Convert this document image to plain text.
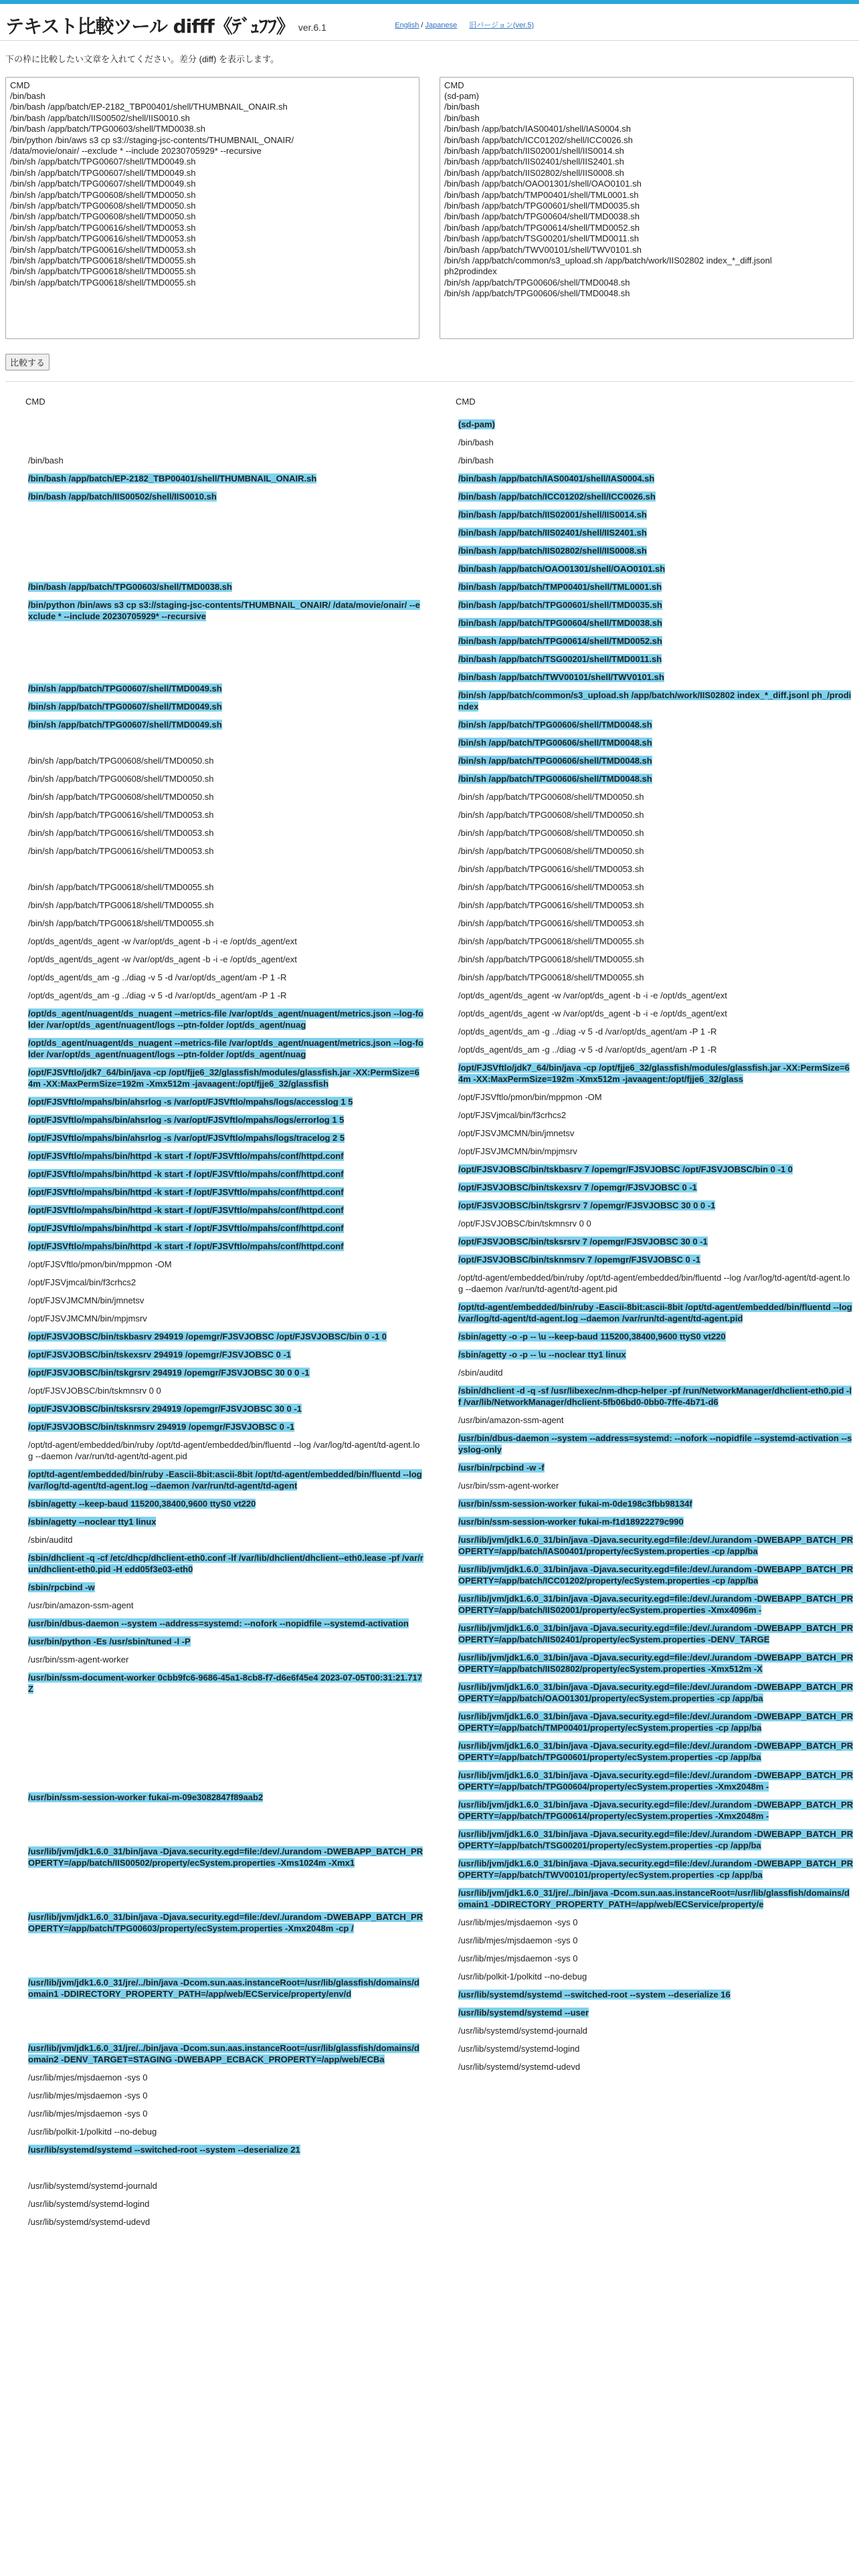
テキスト比較ツール difff《ﾃﾞｭﾌﾌ》 ver.6.1	English / Japanese 旧バージョン(ver.5)
下の枠に比較したい文章を入れてください。差分 (diff) を表示します。
CMD /bin/bash /bin/bash /app/batch/EP-2182_TBP00401/shell/THUMBNAIL_ONAIR.sh /bin/bash /app/batch/IIS00502/shell/IIS0010.sh /bin/bash /app/batch/TPG00603/shell/TMD0038.sh /bin/python /bin/aws s3 cp s3://staging-jsc-contents/THUMBNAIL_ONAIR/ /data/movie/onair/ --exclude * --include 20230705929* --recursive /bin/sh /app/batch/TPG00607/shell/TMD0049.sh /bin/sh /app/batch/TPG00607/shell/TMD0049.sh /bin/sh /app/batch/TPG00607/shell/TMD0049.sh /bin/sh /app/batch/TPG00608/shell/TMD0050.sh /bin/sh /app/batch/TPG00608/shell/TMD0050.sh /bin/sh /app/batch/TPG00608/shell/TMD0050.sh /bin/sh /app/batch/TPG00616/shell/TMD0053.sh /bin/sh /app/batch/TPG00616/shell/TMD0053.sh /bin/sh /app/batch/TPG00616/shell/TMD0053.sh /bin/sh /app/batch/TPG00618/shell/TMD0055.sh /bin/sh /app/batch/TPG00618/shell/TMD0055.sh /bin/sh /app/batch/TPG00618/shell/TMD0055.sh
CMD (sd-pam) /bin/bash /bin/bash /bin/bash /app/batch/IAS00401/shell/IAS0004.sh /bin/bash /app/batch/ICC01202/shell/ICC0026.sh /bin/bash /app/batch/IIS02001/shell/IIS0014.sh /bin/bash /app/batch/IIS02401/shell/IIS2401.sh /bin/bash /app/batch/IIS02802/shell/IIS0008.sh /bin/bash /app/batch/OAO01301/shell/OAO0101.sh /bin/bash /app/batch/TMP00401/shell/TML0001.sh /bin/bash /app/batch/TPG00601/shell/TMD0035.sh /bin/bash /app/batch/TPG00604/shell/TMD0038.sh /bin/bash /app/batch/TPG00614/shell/TMD0052.sh /bin/bash /app/batch/TSG00201/shell/TMD0011.sh /bin/bash /app/batch/TWV00101/shell/TWV0101.sh /bin/sh /app/batch/common/s3_upload.sh /app/batch/work/IIS02802 index_*_diff.jsonl ph2prodindex /bin/sh /app/batch/TPG00606/shell/TMD0048.sh /bin/sh /app/batch/TPG00606/shell/TMD0048.sh
比較する
CMD
/bin/bash
/bin/bash /app/batch/EP-2182_TBP00401/shell/THUMBNAIL_ONAIR.sh
/bin/bash /app/batch/IIS00502/shell/IIS0010.sh
/bin/bash /app/batch/TPG00603/shell/TMD0038.sh
/bin/python /bin/aws s3 cp s3://staging-jsc-contents/THUMBNAIL_ONAIR/ /data/movie/onair/ --exclude * --include 20230705929* --recursive
/bin/sh /app/batch/TPG00607/shell/TMD0049.sh
/bin/sh /app/batch/TPG00607/shell/TMD0049.sh
/bin/sh /app/batch/TPG00607/shell/TMD0049.sh
/bin/sh /app/batch/TPG00608/shell/TMD0050.sh
/bin/sh /app/batch/TPG00608/shell/TMD0050.sh
/bin/sh /app/batch/TPG00608/shell/TMD0050.sh
/bin/sh /app/batch/TPG00616/shell/TMD0053.sh
/bin/sh /app/batch/TPG00616/shell/TMD0053.sh
/bin/sh /app/batch/TPG00616/shell/TMD0053.sh
/bin/sh /app/batch/TPG00618/shell/TMD0055.sh
/bin/sh /app/batch/TPG00618/shell/TMD0055.sh
/bin/sh /app/batch/TPG00618/shell/TMD0055.sh
/opt/ds_agent/ds_agent -w /var/opt/ds_agent -b -i -e /opt/ds_agent/ext
/opt/ds_agent/ds_agent -w /var/opt/ds_agent -b -i -e /opt/ds_agent/ext
/opt/ds_agent/ds_am -g ../diag -v 5 -d /var/opt/ds_agent/am -P 1 -R
/opt/ds_agent/ds_am -g ../diag -v 5 -d /var/opt/ds_agent/am -P 1 -R
/opt/ds_agent/nuagent/ds_nuagent --metrics-file /var/opt/ds_agent/nuagent/metrics.json --log-folder /var/opt/ds_agent/nuagent/logs --ptn-folder /opt/ds_agent/nuag
/opt/ds_agent/nuagent/ds_nuagent --metrics-file /var/opt/ds_agent/nuagent/metrics.json --log-folder /var/opt/ds_agent/nuagent/logs --ptn-folder /opt/ds_agent/nuag
/opt/FJSVftlo/jdk7_64/bin/java -cp /opt/fjje6_32/glassfish/modules/glassfish.jar -XX:PermSize=64m -XX:MaxPermSize=192m -Xmx512m -javaagent:/opt/fjje6_32/glassfish
/opt/FJSVftlo/mpahs/bin/ahsrlog -s /var/opt/FJSVftlo/mpahs/logs/accesslog 1 5
/opt/FJSVftlo/mpahs/bin/ahsrlog -s /var/opt/FJSVftlo/mpahs/logs/errorlog 1 5
/opt/FJSVftlo/mpahs/bin/ahsrlog -s /var/opt/FJSVftlo/mpahs/logs/tracelog 2 5
/opt/FJSVftlo/mpahs/bin/httpd -k start -f /opt/FJSVftlo/mpahs/conf/httpd.conf
/opt/FJSVftlo/mpahs/bin/httpd -k start -f /opt/FJSVftlo/mpahs/conf/httpd.conf
/opt/FJSVftlo/mpahs/bin/httpd -k start -f /opt/FJSVftlo/mpahs/conf/httpd.conf
/opt/FJSVftlo/mpahs/bin/httpd -k start -f /opt/FJSVftlo/mpahs/conf/httpd.conf
/opt/FJSVftlo/mpahs/bin/httpd -k start -f /opt/FJSVftlo/mpahs/conf/httpd.conf
/opt/FJSVftlo/mpahs/bin/httpd -k start -f /opt/FJSVftlo/mpahs/conf/httpd.conf
/opt/FJSVftlo/pmon/bin/mppmon -OM
/opt/FJSVjmcal/bin/f3crhcs2
/opt/FJSVJMCMN/bin/jmnetsv
/opt/FJSVJMCMN/bin/mpjmsrv
/opt/FJSVJOBSC/bin/tskbasrv 294919 /opemgr/FJSVJOBSC /opt/FJSVJOBSC/bin 0 -1 0
/opt/FJSVJOBSC/bin/tskexsrv 294919 /opemgr/FJSVJOBSC 0 -1
/opt/FJSVJOBSC/bin/tskgrsrv 294919 /opemgr/FJSVJOBSC 30 0 0 -1
/opt/FJSVJOBSC/bin/tskmnsrv 0 0
/opt/FJSVJOBSC/bin/tsksrsrv 294919 /opemgr/FJSVJOBSC 30 0 -1
/opt/FJSVJOBSC/bin/tsknmsrv 294919 /opemgr/FJSVJOBSC 0 -1
/opt/td-agent/embedded/bin/ruby /opt/td-agent/embedded/bin/fluentd --log /var/log/td-agent/td-agent.log --daemon /var/run/td-agent/td-agent.pid
/opt/td-agent/embedded/bin/ruby -Eascii-8bit:ascii-8bit /opt/td-agent/embedded/bin/fluentd --log /var/log/td-agent/td-agent.log --daemon /var/run/td-agent/td-agent
/sbin/agetty --keep-baud 115200,38400,9600 ttyS0 vt220
/sbin/agetty --noclear tty1 linux
/sbin/auditd
/sbin/dhclient -q -cf /etc/dhcp/dhclient-eth0.conf -lf /var/lib/dhclient/dhclient--eth0.lease -pf /var/run/dhclient-eth0.pid -H edd05f3e03-eth0
/sbin/rpcbind -w
/usr/bin/amazon-ssm-agent
/usr/bin/dbus-daemon --system --address=systemd: --nofork --nopidfile --systemd-activation
/usr/bin/python -Es /usr/sbin/tuned -l -P
/usr/bin/ssm-agent-worker
/usr/bin/ssm-document-worker 0cbb9fc6-9686-45a1-8cb8-f7-d6e6f45e4 2023-07-05T00:31:21.717Z
/usr/bin/ssm-session-worker fukai-m-09e3082847f89aab2
/usr/lib/jvm/jdk1.6.0_31/bin/java -Djava.security.egd=file:/dev/./urandom -DWEBAPP_BATCH_PROPERTY=/app/batch/IIS00502/property/ecSystem.properties -Xms1024m -Xmx1
/usr/lib/jvm/jdk1.6.0_31/bin/java -Djava.security.egd=file:/dev/./urandom -DWEBAPP_BATCH_PROPERTY=/app/batch/TPG00603/property/ecSystem.properties -Xmx2048m -cp /
/usr/lib/jvm/jdk1.6.0_31/jre/../bin/java -Dcom.sun.aas.instanceRoot=/usr/lib/glassfish/domains/domain1 -DDIRECTORY_PROPERTY_PATH=/app/web/ECService/property/env/d
/usr/lib/jvm/jdk1.6.0_31/jre/../bin/java -Dcom.sun.aas.instanceRoot=/usr/lib/glassfish/domains/domain2 -DENV_TARGET=STAGING -DWEBAPP_ECBACK_PROPERTY=/app/web/ECBa
/usr/lib/mjes/mjsdaemon -sys 0
/usr/lib/mjes/mjsdaemon -sys 0
/usr/lib/mjes/mjsdaemon -sys 0
/usr/lib/polkit-1/polkitd --no-debug
/usr/lib/systemd/systemd --switched-root --system --deserialize 21
/usr/lib/systemd/systemd-journald
/usr/lib/systemd/systemd-logind
/usr/lib/systemd/systemd-udevd
CMD
(sd-pam)
/bin/bash
/bin/bash
/bin/bash /app/batch/IAS00401/shell/IAS0004.sh
/bin/bash /app/batch/ICC01202/shell/ICC0026.sh
/bin/bash /app/batch/IIS02001/shell/IIS0014.sh
/bin/bash /app/batch/IIS02401/shell/IIS2401.sh
/bin/bash /app/batch/IIS02802/shell/IIS0008.sh
/bin/bash /app/batch/OAO01301/shell/OAO0101.sh
/bin/bash /app/batch/TMP00401/shell/TML0001.sh
/bin/bash /app/batch/TPG00601/shell/TMD0035.sh
/bin/bash /app/batch/TPG00604/shell/TMD0038.sh
/bin/bash /app/batch/TPG00614/shell/TMD0052.sh
/bin/bash /app/batch/TSG00201/shell/TMD0011.sh
/bin/bash /app/batch/TWV00101/shell/TWV0101.sh
/bin/sh /app/batch/common/s3_upload.sh /app/batch/work/IIS02802 index_*_diff.jsonl ph_/prodindex
/bin/sh /app/batch/TPG00606/shell/TMD0048.sh
/bin/sh /app/batch/TPG00606/shell/TMD0048.sh
/bin/sh /app/batch/TPG00606/shell/TMD0048.sh
/bin/sh /app/batch/TPG00606/shell/TMD0048.sh
/bin/sh /app/batch/TPG00608/shell/TMD0050.sh
/bin/sh /app/batch/TPG00608/shell/TMD0050.sh
/bin/sh /app/batch/TPG00608/shell/TMD0050.sh
/bin/sh /app/batch/TPG00608/shell/TMD0050.sh
/bin/sh /app/batch/TPG00616/shell/TMD0053.sh
/bin/sh /app/batch/TPG00616/shell/TMD0053.sh
/bin/sh /app/batch/TPG00616/shell/TMD0053.sh
/bin/sh /app/batch/TPG00616/shell/TMD0053.sh
/bin/sh /app/batch/TPG00618/shell/TMD0055.sh
/bin/sh /app/batch/TPG00618/shell/TMD0055.sh
/bin/sh /app/batch/TPG00618/shell/TMD0055.sh
/opt/ds_agent/ds_agent -w /var/opt/ds_agent -b -i -e /opt/ds_agent/ext
/opt/ds_agent/ds_agent -w /var/opt/ds_agent -b -i -e /opt/ds_agent/ext
/opt/ds_agent/ds_am -g ../diag -v 5 -d /var/opt/ds_agent/am -P 1 -R
/opt/ds_agent/ds_am -g ../diag -v 5 -d /var/opt/ds_agent/am -P 1 -R
/opt/FJSVftlo/jdk7_64/bin/java -cp /opt/fjje6_32/glassfish/modules/glassfish.jar -XX:PermSize=64m -XX:MaxPermSize=192m -Xmx512m -javaagent:/opt/fjje6_32/glass
/opt/FJSVftlo/pmon/bin/mppmon -OM
/opt/FJSVjmcal/bin/f3crhcs2
/opt/FJSVJMCMN/bin/jmnetsv
/opt/FJSVJMCMN/bin/mpjmsrv
/opt/FJSVJOBSC/bin/tskbasrv 7 /opemgr/FJSVJOBSC /opt/FJSVJOBSC/bin 0 -1 0
/opt/FJSVJOBSC/bin/tskexsrv 7 /opemgr/FJSVJOBSC 0 -1
/opt/FJSVJOBSC/bin/tskgrsrv 7 /opemgr/FJSVJOBSC 30 0 0 -1
/opt/FJSVJOBSC/bin/tskmnsrv 0 0
/opt/FJSVJOBSC/bin/tsksrsrv 7 /opemgr/FJSVJOBSC 30 0 -1
/opt/FJSVJOBSC/bin/tsknmsrv 7 /opemgr/FJSVJOBSC 0 -1
/opt/td-agent/embedded/bin/ruby /opt/td-agent/embedded/bin/fluentd --log /var/log/td-agent/td-agent.log --daemon /var/run/td-agent/td-agent.pid
/opt/td-agent/embedded/bin/ruby -Eascii-8bit:ascii-8bit /opt/td-agent/embedded/bin/fluentd --log /var/log/td-agent/td-agent.log --daemon /var/run/td-agent/td-agent.pid
/sbin/agetty -o -p -- \u --keep-baud 115200,38400,9600 ttyS0 vt220
/sbin/agetty -o -p -- \u --noclear tty1 linux
/sbin/auditd
/sbin/dhclient -d -q -sf /usr/libexec/nm-dhcp-helper -pf /run/NetworkManager/dhclient-eth0.pid -lf /var/lib/NetworkManager/dhclient-5fb06bd0-0bb0-7ffe-4b71-d6
/usr/bin/amazon-ssm-agent
/usr/bin/dbus-daemon --system --address=systemd: --nofork --nopidfile --systemd-activation --syslog-only
/usr/bin/rpcbind -w -f
/usr/bin/ssm-agent-worker
/usr/bin/ssm-session-worker fukai-m-0de198c3fbb98134f
/usr/bin/ssm-session-worker fukai-m-f1d18922279c990
/usr/lib/jvm/jdk1.6.0_31/bin/java -Djava.security.egd=file:/dev/./urandom -DWEBAPP_BATCH_PROPERTY=/app/batch/IAS00401/property/ecSystem.properties -cp /app/ba
/usr/lib/jvm/jdk1.6.0_31/bin/java -Djava.security.egd=file:/dev/./urandom -DWEBAPP_BATCH_PROPERTY=/app/batch/ICC01202/property/ecSystem.properties -cp /app/ba
/usr/lib/jvm/jdk1.6.0_31/bin/java -Djava.security.egd=file:/dev/./urandom -DWEBAPP_BATCH_PROPERTY=/app/batch/IIS02001/property/ecSystem.properties -Xmx4096m -
/usr/lib/jvm/jdk1.6.0_31/bin/java -Djava.security.egd=file:/dev/./urandom -DWEBAPP_BATCH_PROPERTY=/app/batch/IIS02401/property/ecSystem.properties -DENV_TARGE
/usr/lib/jvm/jdk1.6.0_31/bin/java -Djava.security.egd=file:/dev/./urandom -DWEBAPP_BATCH_PROPERTY=/app/batch/IIS02802/property/ecSystem.properties -Xmx512m -X
/usr/lib/jvm/jdk1.6.0_31/bin/java -Djava.security.egd=file:/dev/./urandom -DWEBAPP_BATCH_PROPERTY=/app/batch/OAO01301/property/ecSystem.properties -cp /app/ba
/usr/lib/jvm/jdk1.6.0_31/bin/java -Djava.security.egd=file:/dev/./urandom -DWEBAPP_BATCH_PROPERTY=/app/batch/TMP00401/property/ecSystem.properties -cp /app/ba
/usr/lib/jvm/jdk1.6.0_31/bin/java -Djava.security.egd=file:/dev/./urandom -DWEBAPP_BATCH_PROPERTY=/app/batch/TPG00601/property/ecSystem.properties -cp /app/ba
/usr/lib/jvm/jdk1.6.0_31/bin/java -Djava.security.egd=file:/dev/./urandom -DWEBAPP_BATCH_PROPERTY=/app/batch/TPG00604/property/ecSystem.properties -Xmx2048m -
/usr/lib/jvm/jdk1.6.0_31/bin/java -Djava.security.egd=file:/dev/./urandom -DWEBAPP_BATCH_PROPERTY=/app/batch/TPG00614/property/ecSystem.properties -Xmx2048m -
/usr/lib/jvm/jdk1.6.0_31/bin/java -Djava.security.egd=file:/dev/./urandom -DWEBAPP_BATCH_PROPERTY=/app/batch/TSG00201/property/ecSystem.properties -cp /app/ba
/usr/lib/jvm/jdk1.6.0_31/bin/java -Djava.security.egd=file:/dev/./urandom -DWEBAPP_BATCH_PROPERTY=/app/batch/TWV00101/property/ecSystem.properties -cp /app/ba
/usr/lib/jvm/jdk1.6.0_31/jre/../bin/java -Dcom.sun.aas.instanceRoot=/usr/lib/glassfish/domains/domain1 -DDIRECTORY_PROPERTY_PATH=/app/web/ECService/property/e
/usr/lib/mjes/mjsdaemon -sys 0
/usr/lib/mjes/mjsdaemon -sys 0
/usr/lib/mjes/mjsdaemon -sys 0
/usr/lib/polkit-1/polkitd --no-debug
/usr/lib/systemd/systemd --switched-root --system --deserialize 16
/usr/lib/systemd/systemd --user
/usr/lib/systemd/systemd-journald
/usr/lib/systemd/systemd-logind
/usr/lib/systemd/systemd-udevd
